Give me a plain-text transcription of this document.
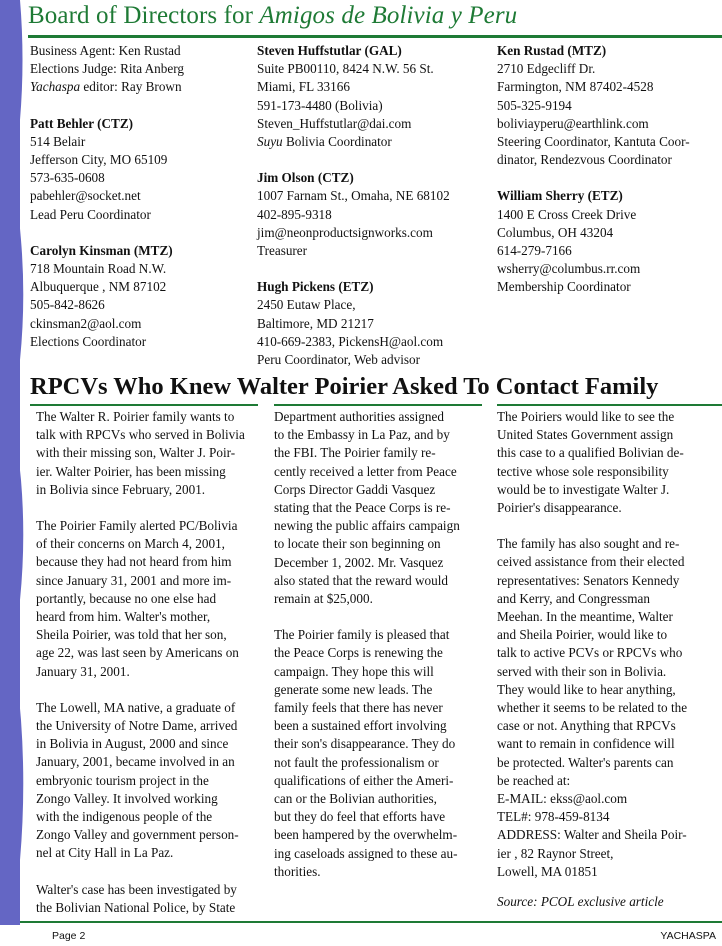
Board of Directors for Amigos de Bolivia y Peru

Business Agent: Ken Rustad

Elections Judge: Rita Anberg

Yachaspa editor: Ray Brown

Patt Behler (CTZ)

514 Belair

Jefferson City, MO 65109

573-635-0608

pabehler@socket.net

Lead Peru Coordinator

Carolyn Kinsman (MTZ)

718 Mountain Road N.W.

Albuquerque , NM 87102

505-842-8626

ckinsman2@aol.com

Elections Coordinator

Steven Huffstutlar (GAL)

Suite PB00110, 8424 N.W. 56 St.

Miami, FL 33166

591-173-4480 (Bolivia)

Steven_Huffstutlar@dai.com

Suyu Bolivia Coordinator

Jim Olson (CTZ)

1007 Farnam St., Omaha, NE 68102

402-895-9318

jim@neonproductsignworks.com

Treasurer

Hugh Pickens (ETZ)

2450 Eutaw Place,

Baltimore, MD 21217

410-669-2383, PickensH@aol.com

Peru Coordinator, Web advisor

Ken Rustad (MTZ)

2710 Edgecliff Dr.

Farmington, NM 87402-4528

505-325-9194

boliviayperu@earthlink.com

Steering Coordinator, Kantuta Coor-

dinator, Rendezvous Coordinator

William Sherry (ETZ)

1400 E Cross Creek Drive

Columbus, OH 43204

614-279-7166

wsherry@columbus.rr.com

Membership Coordinator

RPCVs Who Knew Walter Poirier Asked To Contact Family

The Walter R. Poirier family wants to
talk with RPCVs who served in Bolivia
with their missing son, Walter J. Poir-
ier. Walter Poirier, has been missing
in Bolivia since February, 2001.

The Poirier Family alerted PC/Bolivia
of their concerns on March 4, 2001,
because they had not heard from him
since January 31, 2001 and more im-
portantly, because no one else had
heard from him. Walter's mother,
Sheila Poirier, was told that her son,
age 22, was last seen by Americans on
January 31, 2001.

The Lowell, MA native, a graduate of
the University of Notre Dame, arrived
in Bolivia in August, 2000 and since
January, 2001, became involved in an
embryonic tourism project in the
Zongo Valley. It involved working
with the indigenous people of the
Zongo Valley and government person-
nel at City Hall in La Paz.

Walter's case has been investigated by
the Bolivian National Police, by State

Department authorities assigned
to the Embassy in La Paz, and by
the FBI. The Poirier family re-
cently received a letter from Peace
Corps Director Gaddi Vasquez
stating that the Peace Corps is re-
newing the public affairs campaign
to locate their son beginning on
December 1, 2002. Mr. Vasquez
also stated that the reward would
remain at $25,000.

The Poirier family is pleased that
the Peace Corps is renewing the
campaign. They hope this will
generate some new leads. The
family feels that there has never
been a sustained effort involving
their son's disappearance. They do
not fault the professionalism or
qualifications of either the Ameri-
can or the Bolivian authorities,
but they do feel that efforts have
been hampered by the overwhelm-
ing caseloads assigned to these au-
thorities.

The Poiriers would like to see the
United States Government assign
this case to a qualified Bolivian de-
tective whose sole responsibility
would be to investigate Walter J.
Poirier's disappearance.

The family has also sought and re-
ceived assistance from their elected
representatives: Senators Kennedy
and Kerry, and Congressman
Meehan. In the meantime, Walter
and Sheila Poirier, would like to
talk to active PCVs or RPCVs who
served with their son in Bolivia.
They would like to hear anything,
whether it seems to be related to the
case or not. Anything that RPCVs
want to remain in confidence will
be protected. Walter's parents can
be reached at:
E-MAIL: ekss@aol.com
TEL#: 978-459-8134
ADDRESS: Walter and Sheila Poir-
ier , 82 Raynor Street,
Lowell, MA 01851

Source: PCOL exclusive article

Page 2	YACHASPA
